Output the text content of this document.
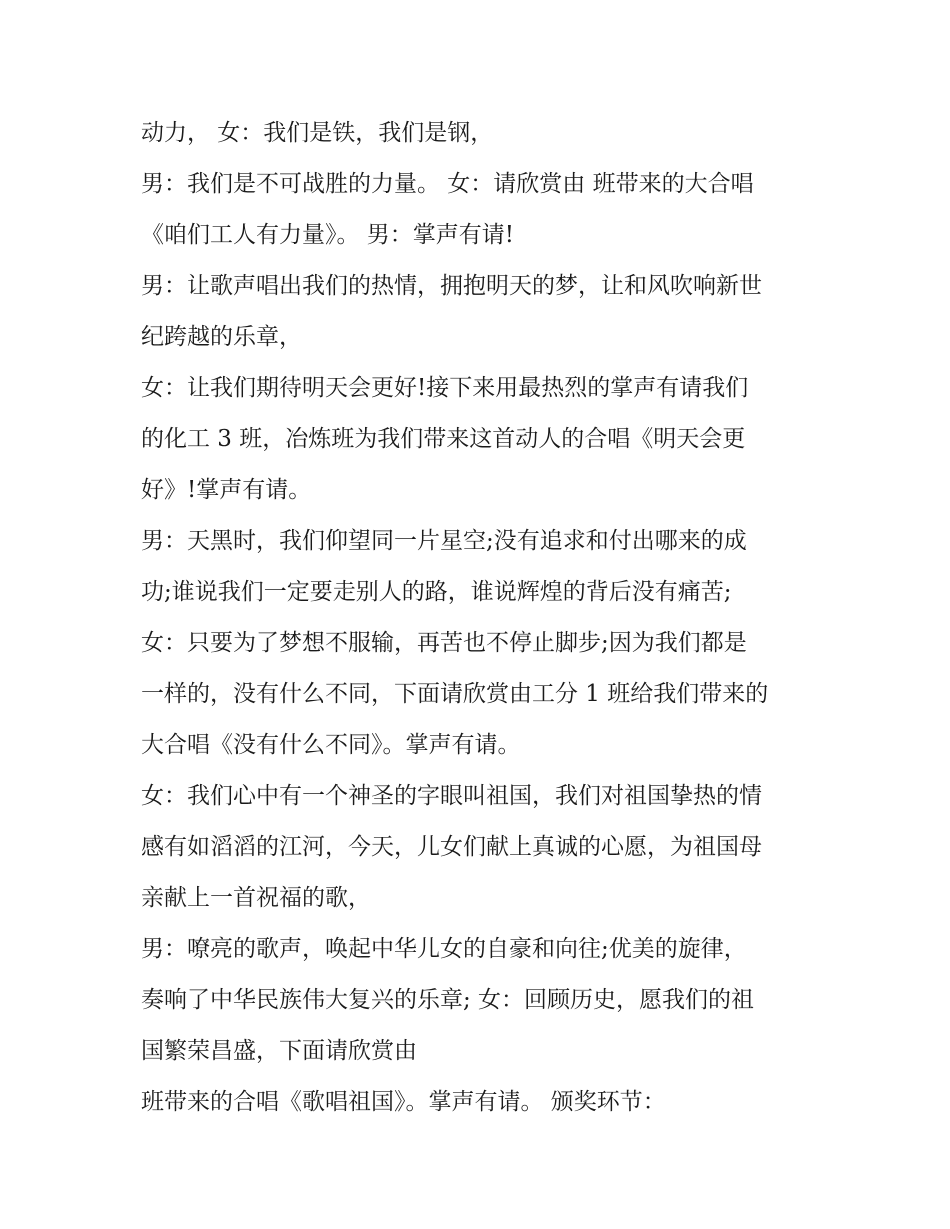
动力， 女：我们是铁，我们是钢，
男：我们是不可战胜的力量。 女：请欣赏由 班带来的大合唱
《咱们工人有力量》。 男：掌声有请!
男：让歌声唱出我们的热情，拥抱明天的梦，让和风吹响新世
纪跨越的乐章，
女：让我们期待明天会更好!接下来用最热烈的掌声有请我们
的化工 3 班，冶炼班为我们带来这首动人的合唱《明天会更
好》!掌声有请。
男：天黑时，我们仰望同一片星空;没有追求和付出哪来的成
功;谁说我们一定要走别人的路，谁说辉煌的背后没有痛苦;
女：只要为了梦想不服输，再苦也不停止脚步;因为我们都是
一样的，没有什么不同，下面请欣赏由工分 1 班给我们带来的
大合唱《没有什么不同》。掌声有请。
女：我们心中有一个神圣的字眼叫祖国，我们对祖国挚热的情
感有如滔滔的江河，今天，儿女们献上真诚的心愿，为祖国母
亲献上一首祝福的歌，
男：嘹亮的歌声，唤起中华儿女的自豪和向往;优美的旋律，
奏响了中华民族伟大复兴的乐章; 女：回顾历史，愿我们的祖
国繁荣昌盛，下面请欣赏由
班带来的合唱《歌唱祖国》。掌声有请。 颁奖环节：
